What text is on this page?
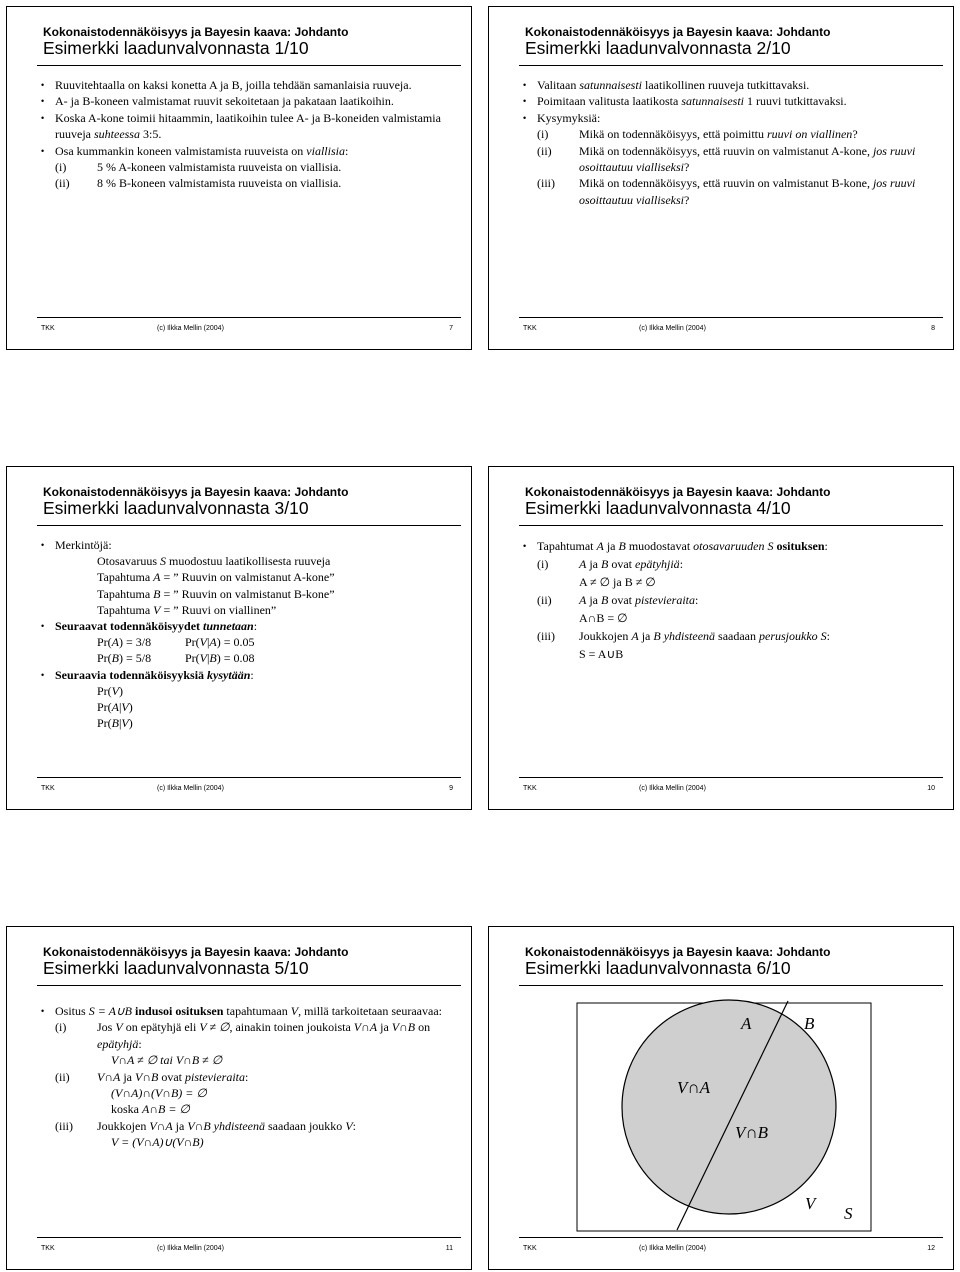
Kokonaistodennäköisyys ja Bayesin kaava: Johdanto
Esimerkki laadunvalvonnasta 1/10
• Ruuvitehtaalla on kaksi konetta A ja B, joilla tehdään samanlaisia ruuveja.
• A- ja B-koneen valmistamat ruuvit sekoitetaan ja pakataan laatikoihin.
• Koska A-kone toimii hitaammin, laatikoihin tulee A- ja B-koneiden valmistamia ruuveja suhteessa 3:5.
• Osa kummankin koneen valmistamista ruuveista on viallisia:
(i)	5 % A-koneen valmistamista ruuveista on viallisia.
(ii) 8 % B-koneen valmistamista ruuveista on viallisia.
TKK	(c) Ilkka Mellin (2004)	7
Kokonaistodennäköisyys ja Bayesin kaava: Johdanto
Esimerkki laadunvalvonnasta 2/10
• Valitaan satunnaisesti laatikollinen ruuveja tutkittavaksi.
• Poimitaan valitusta laatikosta satunnaisesti 1 ruuvi tutkittavaksi.
• Kysymyksiä:
(i)	Mikä on todennäköisyys, että poimittu ruuvi on viallinen?
(ii) Mikä on todennäköisyys, että ruuvin on valmistanut A-kone, jos ruuvi osoittautuu vialliseksi?
(iii) Mikä on todennäköisyys, että ruuvin on valmistanut B-kone, jos ruuvi osoittautuu vialliseksi?
TKK	(c) Ilkka Mellin (2004)	8
Kokonaistodennäköisyys ja Bayesin kaava: Johdanto
Esimerkki laadunvalvonnasta 3/10
• Merkintöjä:
Otosavaruus S muodostuu laatikollisesta ruuveja
Tapahtuma A = ” Ruuvin on valmistanut A-kone”
Tapahtuma B = ” Ruuvin on valmistanut B-kone”
Tapahtuma V = ” Ruuvi on viallinen”
• Seuraavat todennäköisyydet tunnetaan:
Pr(A) = 3/8	Pr(V|A) = 0.05
Pr(B) = 5/8	Pr(V|B) = 0.08
• Seuraavia todennäköisyyksiä kysytään:
Pr(V)
Pr(A|V)
Pr(B|V)
TKK	(c) Ilkka Mellin (2004)	9
Kokonaistodennäköisyys ja Bayesin kaava: Johdanto
Esimerkki laadunvalvonnasta 4/10
• Tapahtumat A ja B muodostavat otosavaruuden S osituksen:
(i)	A ja B ovat epätyhjiä:
A ≠ ∅ ja B ≠ ∅
(ii) A ja B ovat pistevieraita:
A∩B = ∅
(iii) Joukkojen A ja B yhdisteenä saadaan perusjoukko S:
S = A∪B
TKK	(c) Ilkka Mellin (2004)	10
Kokonaistodennäköisyys ja Bayesin kaava: Johdanto
Esimerkki laadunvalvonnasta 5/10
• Ositus S = A∪B indusoi osituksen tapahtumaan V, millä tarkoitetaan seuraavaa:
(i)	Jos V on epätyhjä eli V ≠ ∅, ainakin toinen joukoista V∩A ja V∩B on epätyhjä:
V∩A ≠ ∅ tai V∩B ≠ ∅
(ii) V∩A ja V∩B ovat pistevieraita:
(V∩A)∩(V∩B) = ∅
koska A∩B = ∅
(iii) Joukkojen V∩A ja V∩B yhdisteenä saadaan joukko V:
V = (V∩A)∪(V∩B)
TKK	(c) Ilkka Mellin (2004)	11
Kokonaistodennäköisyys ja Bayesin kaava: Johdanto
Esimerkki laadunvalvonnasta 6/10
A	B
V∩A
V∩B
V
S
TKK	(c) Ilkka Mellin (2004)	12
